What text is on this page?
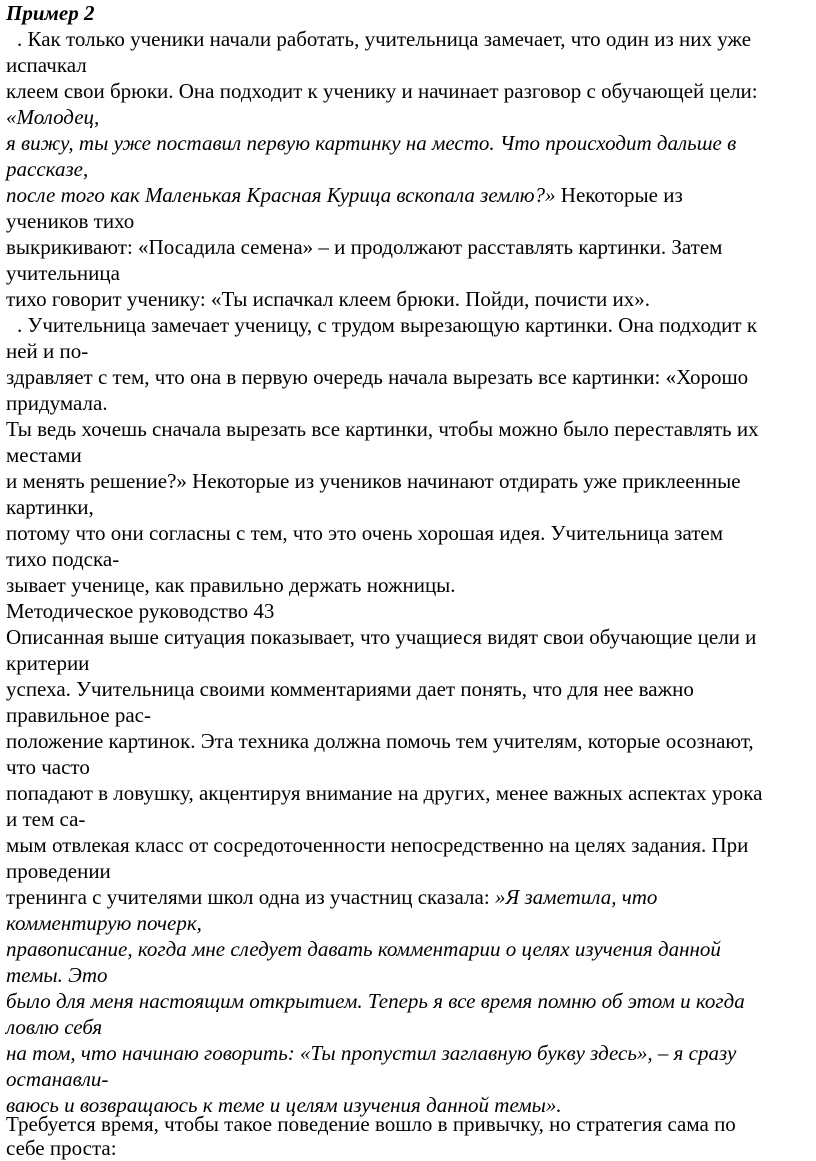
Пример 2
. Как только ученики начали работать, учительница замечает, что один из них уже
испачкал
клеем свои брюки. Она подходит к ученику и начинает разговор с обучающей цели:
«Молодец,
я вижу, ты уже поставил первую картинку на место. Что происходит дальше в
рассказе,
после того как Маленькая Красная Курица вскопала землю?» Некоторые из
учеников тихо
выкрикивают: «Посадила семена» – и продолжают расставлять картинки. Затем
учительница
тихо говорит ученику: «Ты испачкал клеем брюки. Пойди, почисти их».
. Учительница замечает ученицу, с трудом вырезающую картинки. Она подходит к
ней и по-
здравляет с тем, что она в первую очередь начала вырезать все картинки: «Хорошо
придумала.
Ты ведь хочешь сначала вырезать все картинки, чтобы можно было переставлять их
местами
и менять решение?» Некоторые из учеников начинают отдирать уже приклеенные
картинки,
потому что они согласны с тем, что это очень хорошая идея. Учительница затем
тихо подска-
зывает ученице, как правильно держать ножницы.
Методическое руководство 43
Описанная выше ситуация показывает, что учащиеся видят свои обучающие цели и
критерии
успеха. Учительница своими комментариями дает понять, что для нее важно
правильное рас-
положение картинок. Эта техника должна помочь тем учителям, которые осознают,
что часто
попадают в ловушку, акцентируя внимание на других, менее важных аспектах урока
и тем са-
мым отвлекая класс от сосредоточенности непосредственно на целях задания. При
проведении
тренинга с учителями школ одна из участниц сказала: »Я заметила, что
комментирую почерк,
правописание, когда мне следует давать комментарии о целях изучения данной
темы. Это
было для меня настоящим открытием. Теперь я все время помню об этом и когда
ловлю себя
на том, что начинаю говорить: «Ты пропустил заглавную букву здесь», – я сразу
останавли-
ваюсь и возвращаюсь к теме и целям изучения данной темы».
Требуется время, чтобы такое поведение вошло в привычку, но стратегия сама по
себе проста:
